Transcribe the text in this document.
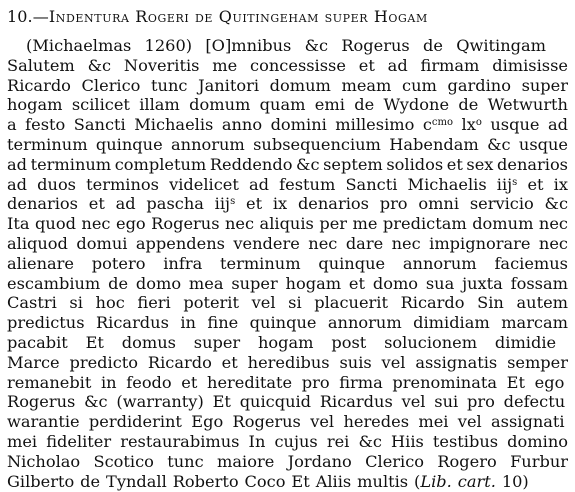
10.—Indentura Rogeri de Quitingeham super Hogam
(Michaelmas 1260) [O]mnibus &c Rogerus de Qwitingam
Salutem &c Noveritis me concessisse et ad firmam dimisisse
Ricardo Clerico tunc Janitori domum meam cum gardino super
hogam scilicet illam domum quam emi de Wydone de Wetwurth
a festo Sancti Michaelis anno domini millesimo $c^{cmo}$ $lx^o$ usque ad
terminum quinque annorum subsequencium Habendam &c usque
ad terminum completum Reddendo &c septem solidos et sex denarios
ad duos terminos videlicet ad festum Sancti Michaelis iij$^s$ et ix
denarios et ad pascha iij$^s$ et ix denarios pro omni servicio &c
Ita quod nec ego Rogerus nec aliquis per me predictam domum nec
aliquod domui appendens vendere nec dare nec impignorare nec
alienare potero infra terminum quinque annorum faciemus
escambium de domo mea super hogam et domo sua juxta fossam
Castri si hoc fieri poterit vel si placuerit Ricardo Sin autem
predictus Ricardus in fine quinque annorum dimidiam marcam
pacabit Et domus super hogam post solucionem dimidie
Marce predicto Ricardo et heredibus suis vel assignatis semper
remanebit in feodo et hereditate pro firma prenominata Et ego
Rogerus &c (warranty) Et quicquid Ricardus vel sui pro defectu
warantie perdiderint Ego Rogerus vel heredes mei vel assignati
mei fideliter restaurabimus In cujus rei &c Hiis testibus domino
Nicholao Scotico tunc maiore Jordano Clerico Rogero Furbur
Gilberto de Tyndall Roberto Coco Et Aliis multis (Lib. cart. 10)
